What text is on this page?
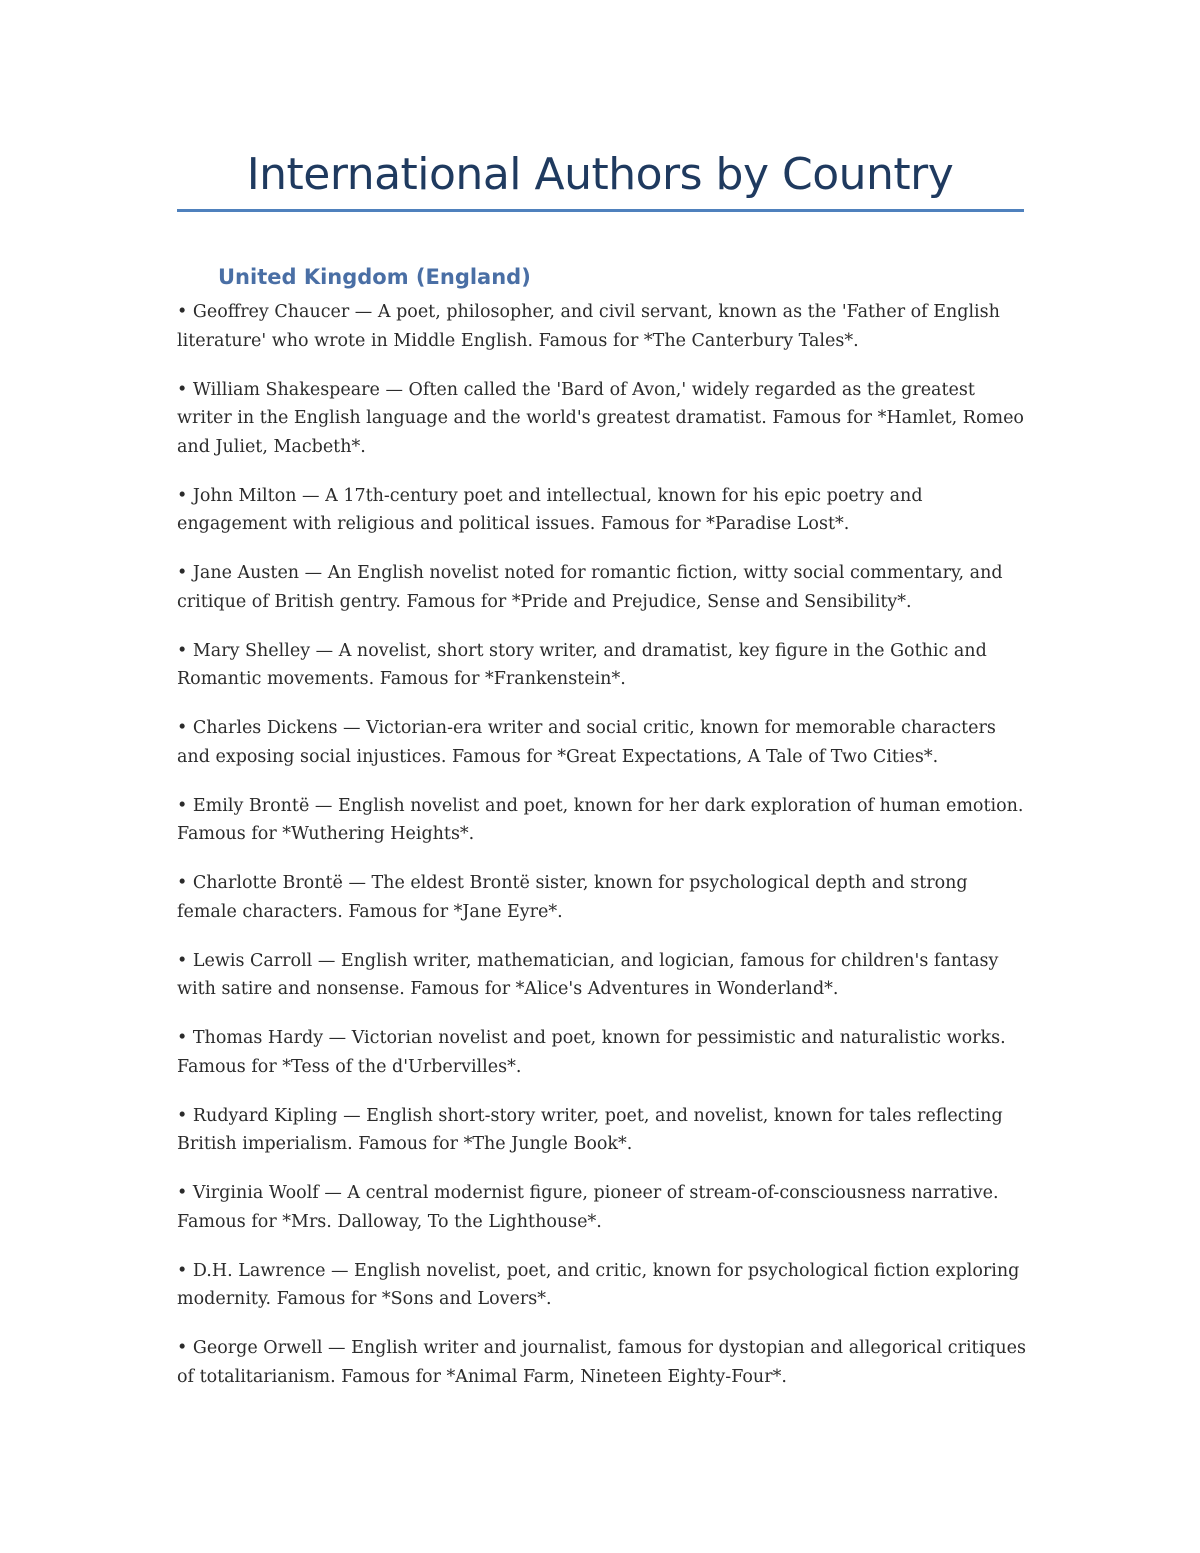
International Authors by Country
United Kingdom (England)
• Geoffrey Chaucer — A poet, philosopher, and civil servant, known as the 'Father of English literature' who wrote in Middle English. Famous for *The Canterbury Tales*.
• William Shakespeare — Often called the 'Bard of Avon,' widely regarded as the greatest writer in the English language and the world's greatest dramatist. Famous for *Hamlet, Romeo and Juliet, Macbeth*.
• John Milton — A 17th-century poet and intellectual, known for his epic poetry and engagement with religious and political issues. Famous for *Paradise Lost*.
• Jane Austen — An English novelist noted for romantic fiction, witty social commentary, and critique of British gentry. Famous for *Pride and Prejudice, Sense and Sensibility*.
• Mary Shelley — A novelist, short story writer, and dramatist, key figure in the Gothic and Romantic movements. Famous for *Frankenstein*.
• Charles Dickens — Victorian-era writer and social critic, known for memorable characters and exposing social injustices. Famous for *Great Expectations, A Tale of Two Cities*.
• Emily Brontë — English novelist and poet, known for her dark exploration of human emotion. Famous for *Wuthering Heights*.
• Charlotte Brontë — The eldest Brontë sister, known for psychological depth and strong female characters. Famous for *Jane Eyre*.
• Lewis Carroll — English writer, mathematician, and logician, famous for children's fantasy with satire and nonsense. Famous for *Alice's Adventures in Wonderland*.
• Thomas Hardy — Victorian novelist and poet, known for pessimistic and naturalistic works. Famous for *Tess of the d'Urbervilles*.
• Rudyard Kipling — English short-story writer, poet, and novelist, known for tales reflecting British imperialism. Famous for *The Jungle Book*.
• Virginia Woolf — A central modernist figure, pioneer of stream-of-consciousness narrative. Famous for *Mrs. Dalloway, To the Lighthouse*.
• D.H. Lawrence — English novelist, poet, and critic, known for psychological fiction exploring modernity. Famous for *Sons and Lovers*.
• George Orwell — English writer and journalist, famous for dystopian and allegorical critiques of totalitarianism. Famous for *Animal Farm, Nineteen Eighty-Four*.
